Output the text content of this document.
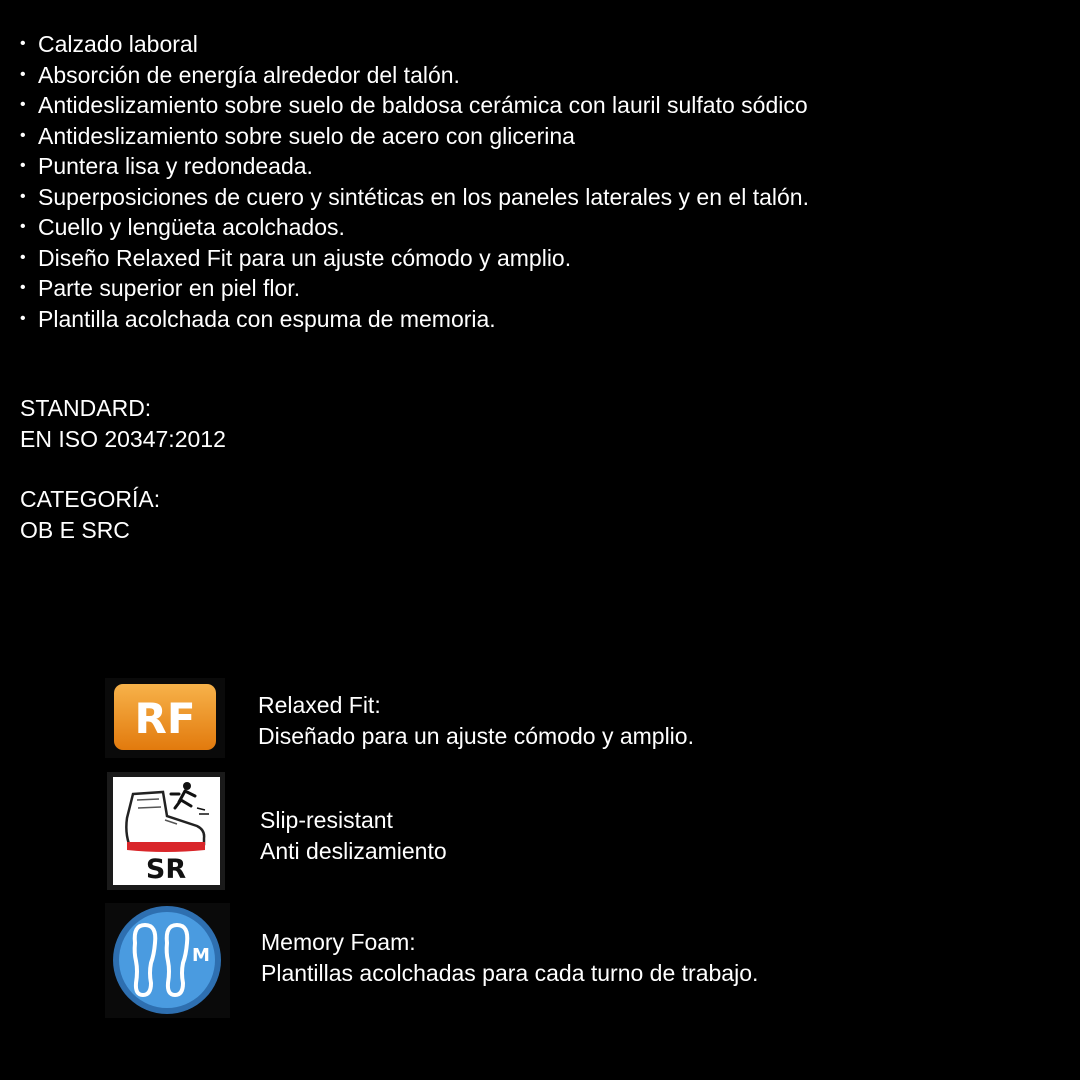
• Calzado laboral
• Absorción de energía alrededor del talón.
• Antideslizamiento sobre suelo de baldosa cerámica con lauril sulfato sódico
• Antideslizamiento sobre suelo de acero con glicerina
• Puntera lisa y redondeada.
• Superposiciones de cuero y sintéticas en los paneles laterales y en el talón.
• Cuello y lengüeta acolchados.
• Diseño Relaxed Fit para un ajuste cómodo y amplio.
• Parte superior en piel flor.
• Plantilla acolchada con espuma de memoria.
STANDARD:
EN ISO 20347:2012
CATEGORÍA:
OB E SRC
RF	Relaxed Fit:
Diseñado para un ajuste cómodo y amplio.
SR
Slip-resistant
Anti deslizamiento
M
Memory Foam:
Plantillas acolchadas para cada turno de trabajo.
